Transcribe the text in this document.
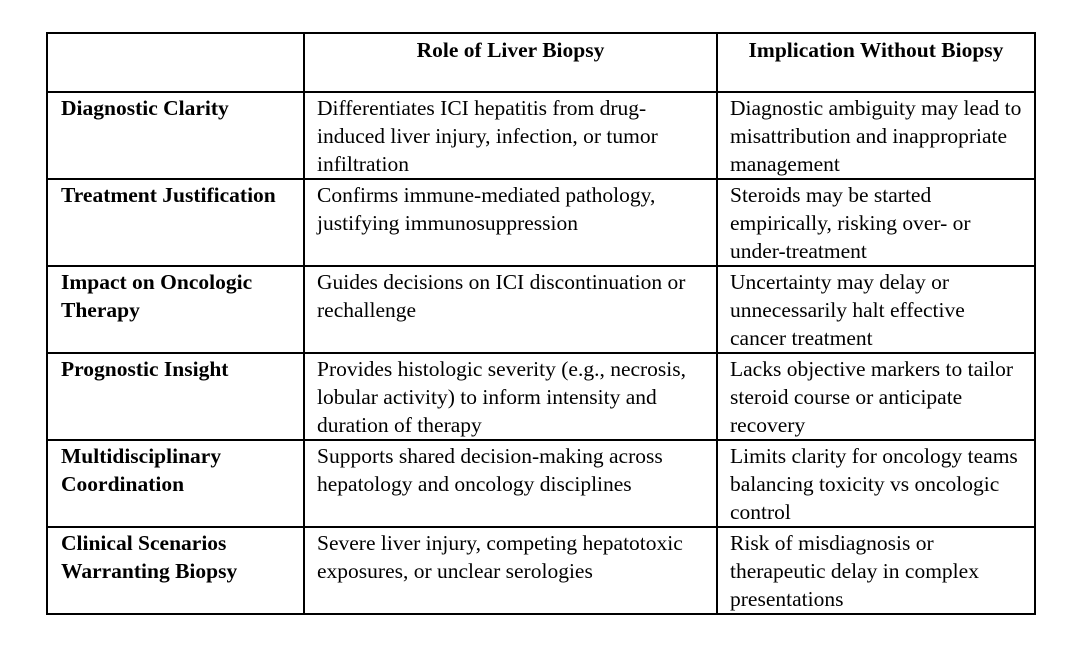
	Role of Liver Biopsy	Implication Without Biopsy
Diagnostic Clarity	Differentiates ICI hepatitis from drug-induced liver injury, infection, or tumor infiltration	Diagnostic ambiguity may lead to misattribution and inappropriate management
Treatment Justification	Confirms immune-mediated pathology, justifying immunosuppression	Steroids may be started empirically, risking over- or under-treatment
Impact on Oncologic Therapy	Guides decisions on ICI discontinuation or rechallenge	Uncertainty may delay or unnecessarily halt effective cancer treatment
Prognostic Insight	Provides histologic severity (e.g., necrosis, lobular activity) to inform intensity and duration of therapy	Lacks objective markers to tailor steroid course or anticipate recovery
Multidisciplinary Coordination	Supports shared decision-making across hepatology and oncology disciplines	Limits clarity for oncology teams balancing toxicity vs oncologic control
Clinical Scenarios Warranting Biopsy	Severe liver injury, competing hepatotoxic exposures, or unclear serologies	Risk of misdiagnosis or therapeutic delay in complex presentations
